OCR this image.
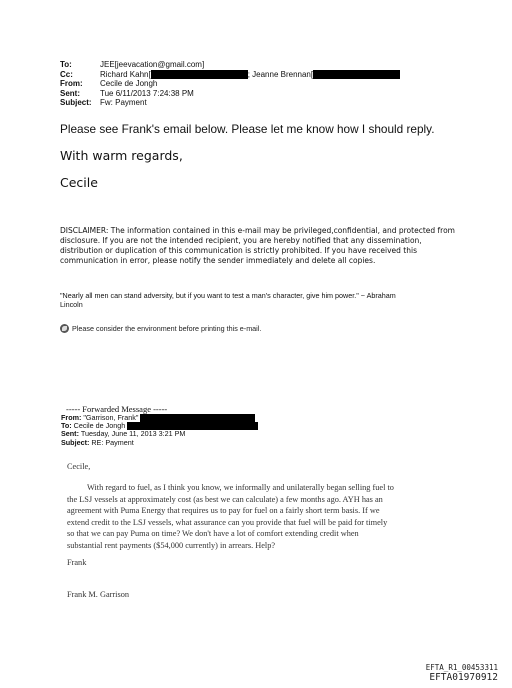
To:	JEE[jeevacation@gmail.com]
Cc:	Richard Kahn[	; Jeanne Brennan[
From:	Cecile de Jongh
Sent:	Tue 6/11/2013 7:24:38 PM
Subject:	Fw: Payment
Please see Frank's email below. Please let me know how I should reply.
With warm regards,
Cecile
DISCLAIMER: The information contained in this e-mail may be privileged,confidential, and protected from disclosure. If you are not the intended recipient, you are hereby notified that any dissemination, distribution or duplication of this communication is strictly prohibited. If you have received this communication in error, please notify the sender immediately and delete all copies.
"Nearly all men can stand adversity, but if you want to test a man's character, give him power." ~ Abraham Lincoln
Please consider the environment before printing this e-mail.
----- Forwarded Message -----
From: "Garrison, Frank"
To: Cecile de Jongh
Sent: Tuesday, June 11, 2013 3:21 PM
Subject: RE: Payment
Cecile,
With regard to fuel, as I think you know, we informally and unilaterally began selling fuel to
the LSJ vessels at approximately cost (as best we can calculate) a few months ago. AYH has an
agreement with Puma Energy that requires us to pay for fuel on a fairly short term basis. If we
extend credit to the LSJ vessels, what assurance can you provide that fuel will be paid for timely
so that we can pay Puma on time? We don't have a lot of comfort extending credit when
substantial rent payments ($54,000 currently) in arrears. Help?
Frank
Frank M. Garrison
EFTA_R1_00453311
EFTA01970912
